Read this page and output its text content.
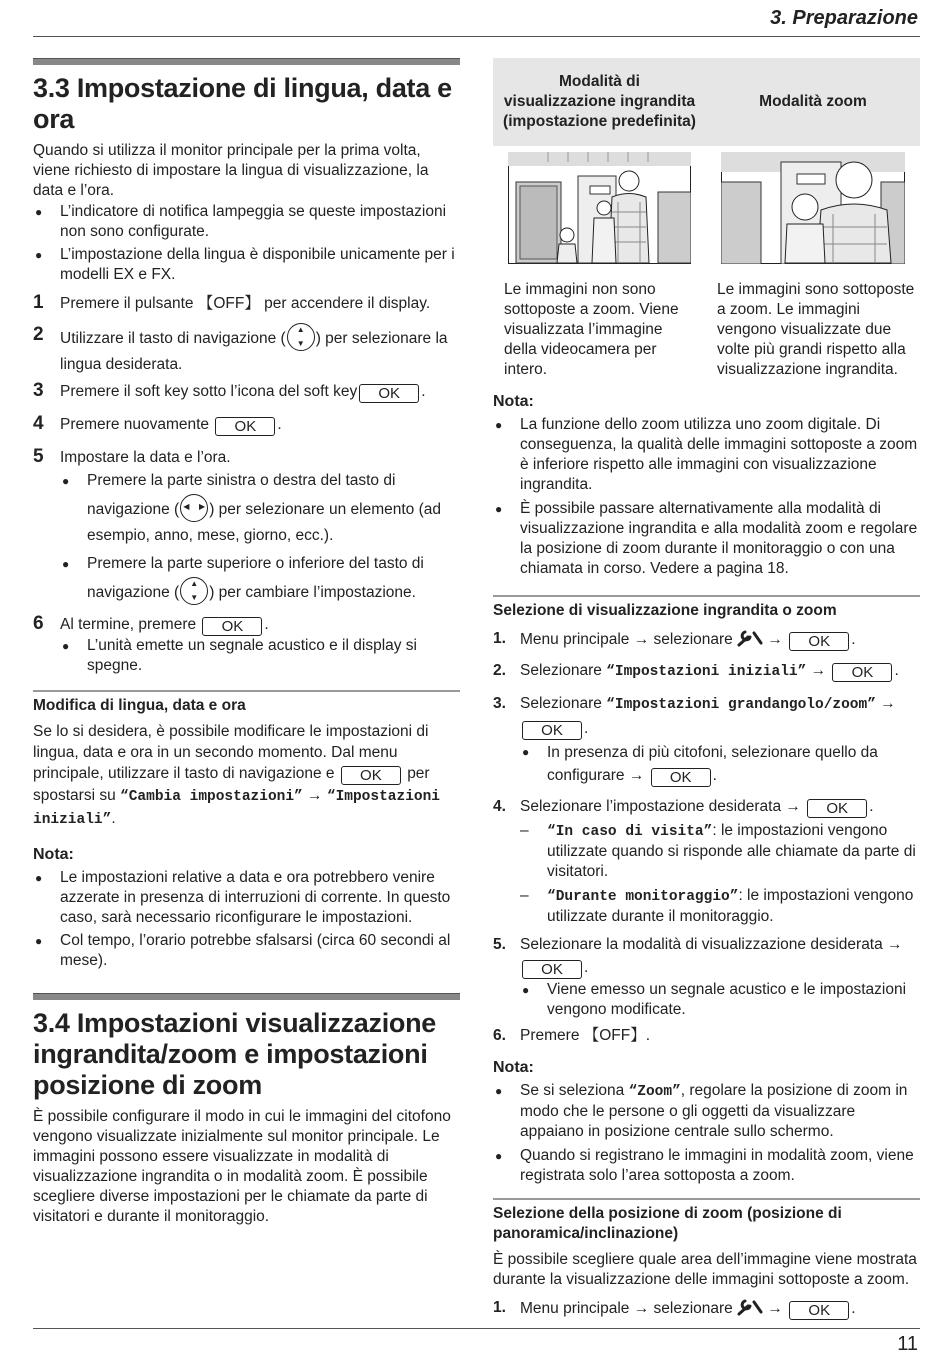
3. Preparazione
3.3 Impostazione di lingua, data e ora

Quando si utilizza il monitor principale per la prima volta, viene richiesto di impostare la lingua di visualizzazione, la data e l’ora.

● L’indicatore di notifica lampeggia se queste impostazioni non sono configurate.

● L’impostazione della lingua è disponibile unicamente per i modelli EX e FX.

1 Premere il pulsante 【OFF】 per accendere il display.

2 Utilizzare il tasto di navigazione ( ▲ ▼ ) per selezionare la lingua desiderata.

3 Premere il soft key sotto l’icona del soft key OK .

4 Premere nuovamente OK .

5 Impostare la data e l’ora.

● Premere la parte sinistra o destra del tasto di navigazione ( ◀ ▶ ) per selezionare un elemento (ad esempio, anno, mese, giorno, ecc.).

● Premere la parte superiore o inferiore del tasto di navigazione ( ▲ ▼ ) per cambiare l’impostazione.

6 Al termine, premere OK .

● L’unità emette un segnale acustico e il display si spegne.

Modifica di lingua, data e ora

Se lo si desidera, è possibile modificare le impostazioni di lingua, data e ora in un secondo momento. Dal menu principale, utilizzare il tasto di navigazione e OK per spostarsi su “Cambia impostazioni” → “Impostazioni iniziali”.

Nota:

● Le impostazioni relative a data e ora potrebbero venire azzerate in presenza di interruzioni di corrente. In questo caso, sarà necessario riconfigurare le impostazioni.

● Col tempo, l’orario potrebbe sfalsarsi (circa 60 secondi al mese).

3.4 Impostazioni visualizzazione
ingrandita/zoom e impostazioni
posizione di zoom

È possibile configurare il modo in cui le immagini del citofono vengono visualizzate inizialmente sul monitor principale. Le immagini possono essere visualizzate in modalità di visualizzazione ingrandita o in modalità zoom. È possibile scegliere diverse impostazioni per le chiamate da parte di visitatori e durante il monitoraggio.

Modalità di visualizzazione ingrandita (impostazione predefinita)
Modalità zoom

Le immagini non sono sottoposte a zoom. Viene visualizzata l’immagine della videocamera per intero.

Le immagini sono sottoposte a zoom. Le immagini vengono visualizzate due volte più grandi rispetto alla visualizzazione ingrandita.

Nota:

● La funzione dello zoom utilizza uno zoom digitale. Di conseguenza, la qualità delle immagini sottoposte a zoom è inferiore rispetto alle immagini con visualizzazione ingrandita.

● È possibile passare alternativamente alla modalità di visualizzazione ingrandita e alla modalità zoom e regolare la posizione di zoom durante il monitoraggio o con una chiamata in corso. Vedere a pagina 18.

Selezione di visualizzazione ingrandita o zoom

1. Menu principale → selezionare  → OK .

2. Selezionare “Impostazioni iniziali” → OK .

3. Selezionare “Impostazioni grandangolo/zoom” → OK .

● In presenza di più citofoni, selezionare quello da configurare → OK .

4. Selezionare l’impostazione desiderata → OK .

– “In caso di visita”: le impostazioni vengono utilizzate quando si risponde alle chiamate da parte di visitatori.

– “Durante monitoraggio”: le impostazioni vengono utilizzate durante il monitoraggio.

5. Selezionare la modalità di visualizzazione desiderata → OK .

● Viene emesso un segnale acustico e le impostazioni vengono modificate.

6. Premere 【OFF】.

Nota:

● Se si seleziona “Zoom”, regolare la posizione di zoom in modo che le persone o gli oggetti da visualizzare appaiano in posizione centrale sullo schermo.

● Quando si registrano le immagini in modalità zoom, viene registrata solo l’area sottoposta a zoom.

Selezione della posizione di zoom (posizione di panoramica/inclinazione)

È possibile scegliere quale area dell’immagine viene mostrata durante la visualizzazione delle immagini sottoposte a zoom.

1. Menu principale → selezionare  → OK .

11
